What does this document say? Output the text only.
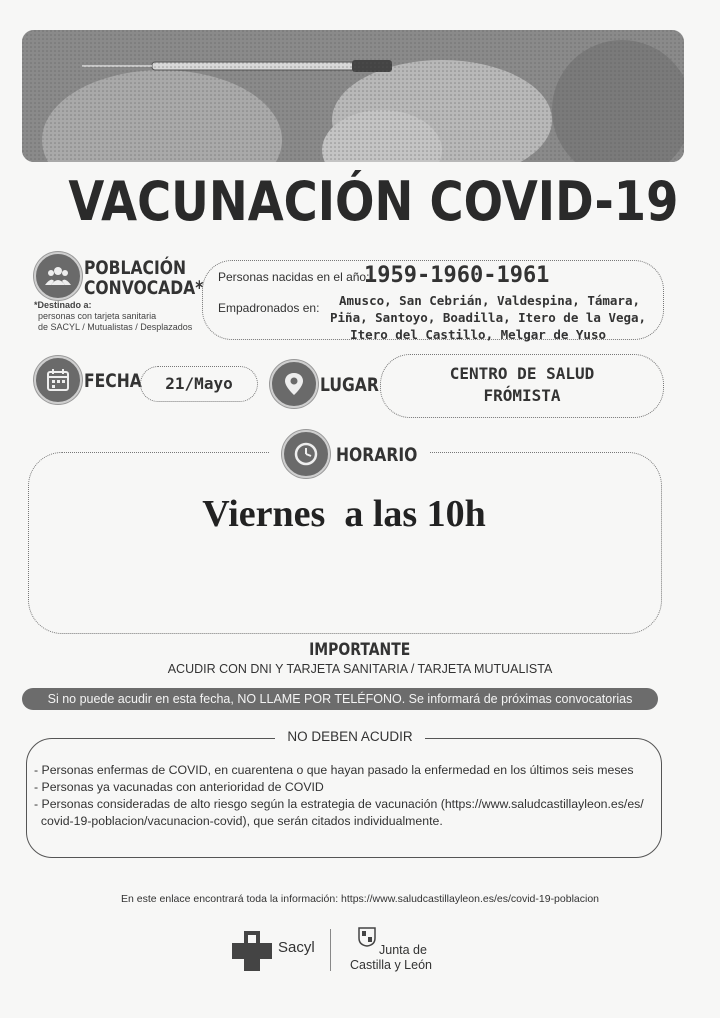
VACUNACIÓN COVID-19
POBLACIÓN
CONVOCADA*
*Destinado a:
personas con tarjeta sanitaria
de SACYL / Mutualistas / Desplazados
Personas nacidas en el año:
1959-1960-1961
Empadronados en:	Amusco, San Cebrián, Valdespina, Támara,
Piña, Santoyo, Boadilla, Itero de la Vega,
Itero del Castillo, Melgar de Yuso
FECHA	21/Mayo	LUGAR
CENTRO DE SALUD
FRÓMISTA
HORARIO
Viernes  a las 10h
IMPORTANTE
ACUDIR CON DNI Y TARJETA SANITARIA / TARJETA MUTUALISTA
Si no puede acudir en esta fecha, NO LLAME POR TELÉFONO. Se informará de próximas convocatorias
NO DEBEN ACUDIR
- Personas enfermas de COVID, en cuarentena o que hayan pasado la enfermedad en los últimos seis meses
- Personas ya vacunadas con anterioridad de COVID
- Personas consideradas de alto riesgo según la estrategia de vacunación (https://www.saludcastillayleon.es/es/
covid-19-poblacion/vacunacion-covid), que serán citados individualmente.
En este enlace encontrará toda la información: https://www.saludcastillayleon.es/es/covid-19-poblacion
Sacyl	Junta de
Castilla y León
